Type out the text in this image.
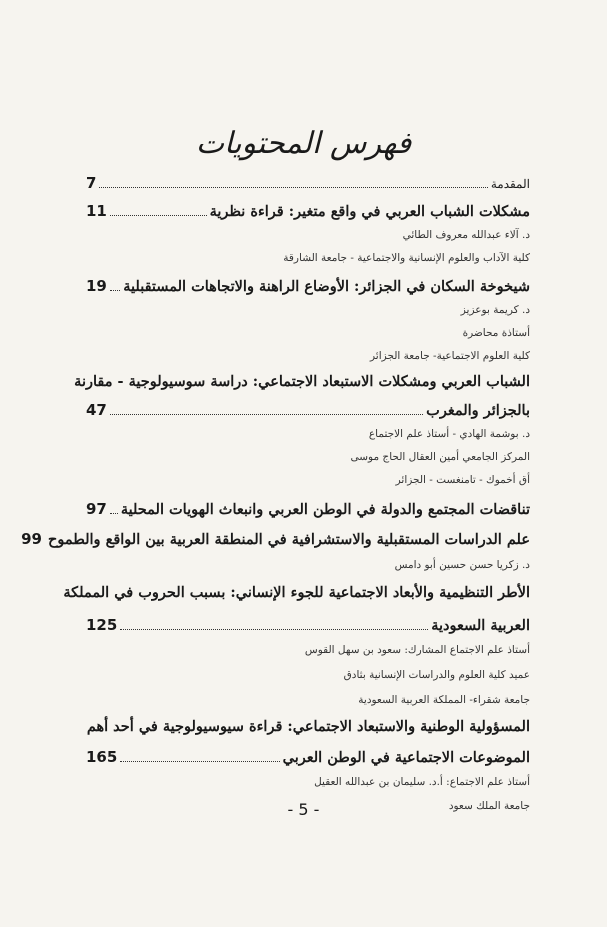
فهرس المحتويات
المقدمة
7
مشكلات الشباب العربي في واقع متغير: قراءة نظرية
11
د. آلاء عبدالله معروف الطائي
كلية الآداب والعلوم الإنسانية والاجتماعية - جامعة الشارقة
شيخوخة السكان في الجزائر: الأوضاع الراهنة والاتجاهات المستقبلية
19
د. كريمة بوعزيز
أستاذة محاضرة
كلية العلوم الاجتماعية- جامعة الجزائر
الشباب العربي ومشكلات الاستبعاد الاجتماعي: دراسة سوسيولوجية - مقارنة
بالجزائر والمغرب
47
د. بوشمة الهادي - أستاذ علم الاجتماع
المركز الجامعي أمين العقال الحاج موسى
أق أخموك - تامنغست - الجزائر
تناقضات المجتمع والدولة في الوطن العربي وانبعاث الهويات المحلية
97
علم الدراسات المستقبلية والاستشرافية في المنطقة العربية بين الواقع والطموح
99
د. زكريا حسن حسين أبو دامس
الأطر التنظيمية والأبعاد الاجتماعية للجوء الإنساني: بسبب الحروب في المملكة
العربية السعودية
125
أستاذ علم الاجتماع المشارك: سعود بن سهل القوس
عميد كلية العلوم والدراسات الإنسانية بثادق
جامعة شقراء- المملكة العربية السعودية
المسؤولية الوطنية والاستبعاد الاجتماعي: قراءة سيوسيولوجية في أحد أهم
الموضوعات الاجتماعية في الوطن العربي
165
أستاذ علم الاجتماع: أ.د. سليمان بن عبدالله العقيل
جامعة الملك سعود
- 5 -
